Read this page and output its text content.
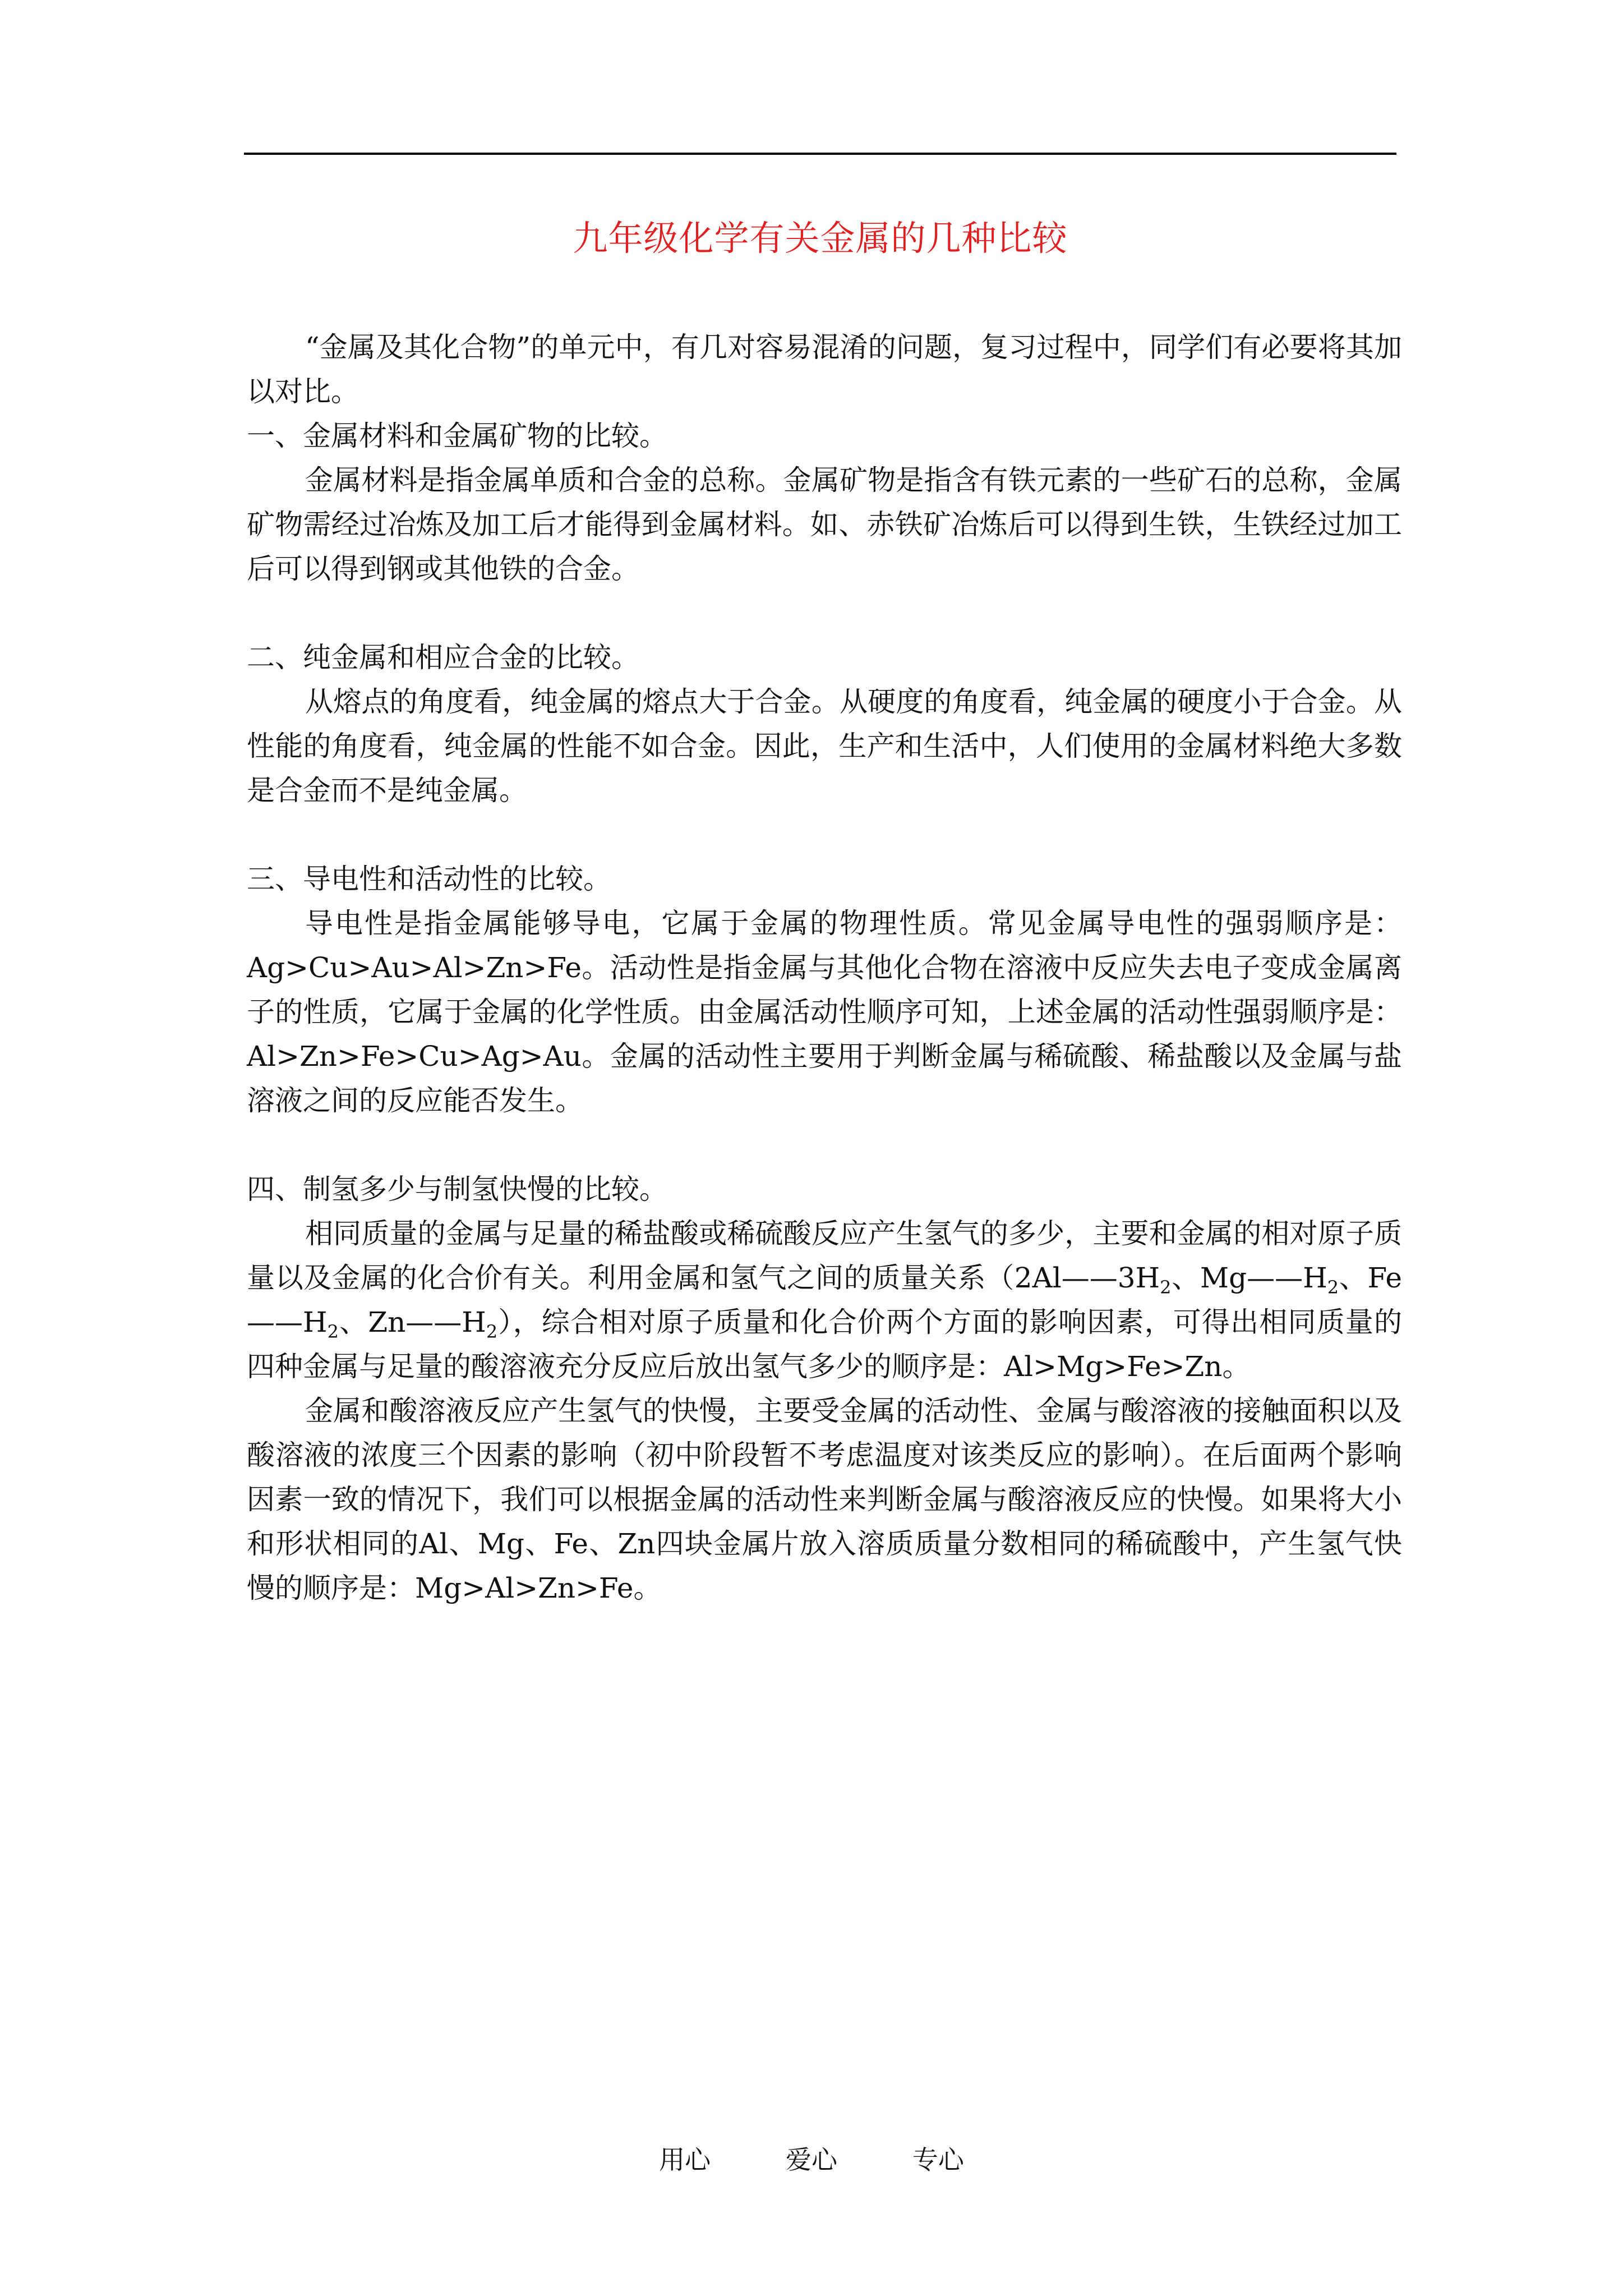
九年级化学有关金属的几种比较

“金属及其化合物”的单元中，有几对容易混淆的问题，复习过程中，同学们有必要将其加以对比。

一、金属材料和金属矿物的比较。

金属材料是指金属单质和合金的总称。金属矿物是指含有铁元素的一些矿石的总称，金属矿物需经过冶炼及加工后才能得到金属材料。如、赤铁矿冶炼后可以得到生铁，生铁经过加工后可以得到钢或其他铁的合金。

二、纯金属和相应合金的比较。

从熔点的角度看，纯金属的熔点大于合金。从硬度的角度看，纯金属的硬度小于合金。从性能的角度看，纯金属的性能不如合金。因此，生产和生活中，人们使用的金属材料绝大多数是合金而不是纯金属。

三、导电性和活动性的比较。

导电性是指金属能够导电，它属于金属的物理性质。常见金属导电性的强弱顺序是：Ag>Cu>Au>Al>Zn>Fe。活动性是指金属与其他化合物在溶液中反应失去电子变成金属离子的性质，它属于金属的化学性质。由金属活动性顺序可知，上述金属的活动性强弱顺序是：Al>Zn>Fe>Cu>Ag>Au。金属的活动性主要用于判断金属与稀硫酸、稀盐酸以及金属与盐溶液之间的反应能否发生。

四、制氢多少与制氢快慢的比较。

相同质量的金属与足量的稀盐酸或稀硫酸反应产生氢气的多少，主要和金属的相对原子质量以及金属的化合价有关。利用金属和氢气之间的质量关系（$2Al——3H_2$、$Mg——H_2$、$Fe——H_2$、$Zn——H_2$），综合相对原子质量和化合价两个方面的影响因素，可得出相同质量的四种金属与足量的酸溶液充分反应后放出氢气多少的顺序是：Al>Mg>Fe>Zn。

金属和酸溶液反应产生氢气的快慢，主要受金属的活动性、金属与酸溶液的接触面积以及酸溶液的浓度三个因素的影响（初中阶段暂不考虑温度对该类反应的影响）。在后面两个影响因素一致的情况下，我们可以根据金属的活动性来判断金属与酸溶液反应的快慢。如果将大小和形状相同的Al、Mg、Fe、Zn四块金属片放入溶质质量分数相同的稀硫酸中，产生氢气快慢的顺序是：Mg>Al>Zn>Fe。

用心   爱心   专心
